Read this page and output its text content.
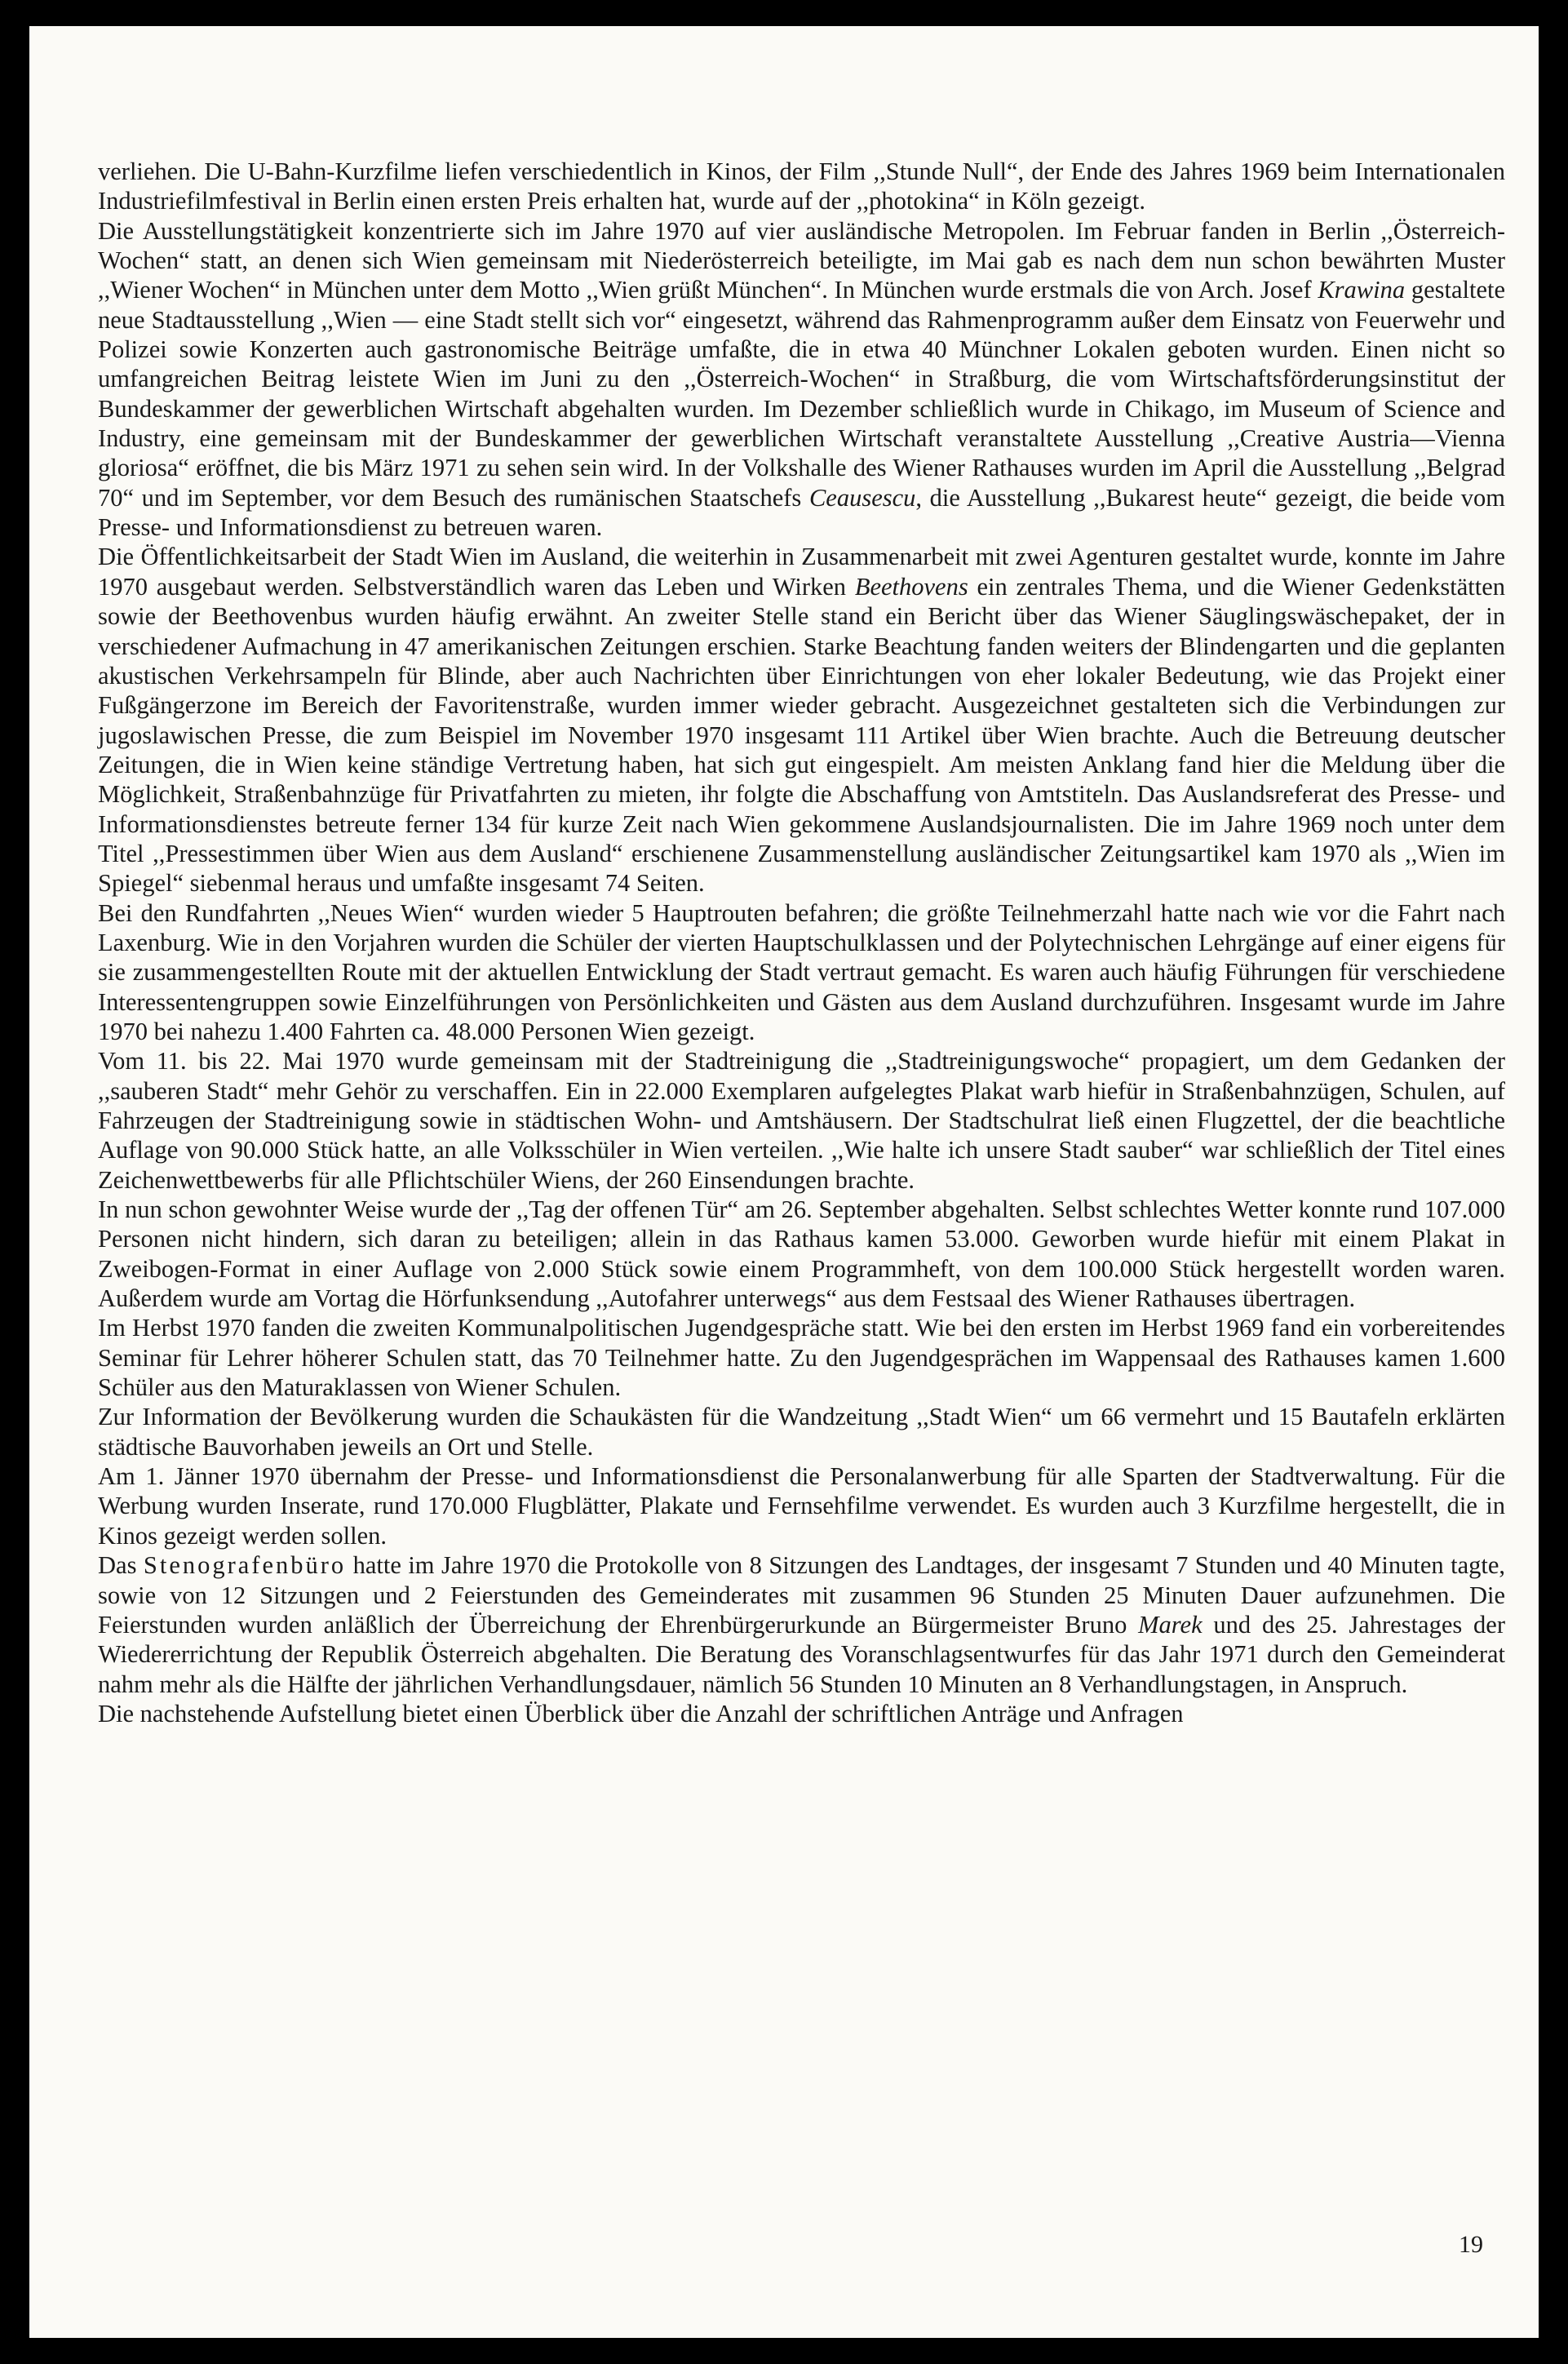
verliehen. Die U-Bahn-Kurzfilme liefen verschiedentlich in Kinos, der Film ,,Stunde Null“, der Ende des Jahres 1969 beim Internationalen Industriefilmfestival in Berlin einen ersten Preis erhalten hat, wurde auf der ,,photokina“ in Köln gezeigt.

Die Ausstellungstätigkeit konzentrierte sich im Jahre 1970 auf vier ausländische Metropolen. Im Februar fanden in Berlin ,,Österreich-Wochen“ statt, an denen sich Wien gemeinsam mit Niederösterreich beteiligte, im Mai gab es nach dem nun schon bewährten Muster ,,Wiener Wochen“ in München unter dem Motto ,,Wien grüßt München“. In München wurde erstmals die von Arch. Josef Krawina gestaltete neue Stadtausstellung ,,Wien — eine Stadt stellt sich vor“ eingesetzt, während das Rahmenprogramm außer dem Einsatz von Feuerwehr und Polizei sowie Konzerten auch gastronomische Beiträge umfaßte, die in etwa 40 Münchner Lokalen geboten wurden. Einen nicht so umfangreichen Beitrag leistete Wien im Juni zu den ,,Österreich-Wochen“ in Straßburg, die vom Wirtschaftsförderungsinstitut der Bundeskammer der gewerblichen Wirtschaft abgehalten wurden. Im Dezember schließlich wurde in Chikago, im Museum of Science and Industry, eine gemeinsam mit der Bundeskammer der gewerblichen Wirtschaft veranstaltete Ausstellung ,,Creative Austria—Vienna gloriosa“ eröffnet, die bis März 1971 zu sehen sein wird. In der Volkshalle des Wiener Rathauses wurden im April die Ausstellung ,,Belgrad 70“ und im September, vor dem Besuch des rumänischen Staatschefs Ceausescu, die Ausstellung ,,Bukarest heute“ gezeigt, die beide vom Presse- und Informationsdienst zu betreuen waren.

Die Öffentlichkeitsarbeit der Stadt Wien im Ausland, die weiterhin in Zusammenarbeit mit zwei Agenturen gestaltet wurde, konnte im Jahre 1970 ausgebaut werden. Selbstverständlich waren das Leben und Wirken Beethovens ein zentrales Thema, und die Wiener Gedenkstätten sowie der Beethovenbus wurden häufig erwähnt. An zweiter Stelle stand ein Bericht über das Wiener Säuglingswäschepaket, der in verschiedener Aufmachung in 47 amerikanischen Zeitungen erschien. Starke Beachtung fanden weiters der Blindengarten und die geplanten akustischen Verkehrsampeln für Blinde, aber auch Nachrichten über Einrichtungen von eher lokaler Bedeutung, wie das Projekt einer Fußgängerzone im Bereich der Favoritenstraße, wurden immer wieder gebracht. Ausgezeichnet gestalteten sich die Verbindungen zur jugoslawischen Presse, die zum Beispiel im November 1970 insgesamt 111 Artikel über Wien brachte. Auch die Betreuung deutscher Zeitungen, die in Wien keine ständige Vertretung haben, hat sich gut eingespielt. Am meisten Anklang fand hier die Meldung über die Möglichkeit, Straßenbahnzüge für Privatfahrten zu mieten, ihr folgte die Abschaffung von Amtstiteln. Das Auslandsreferat des Presse- und Informationsdienstes betreute ferner 134 für kurze Zeit nach Wien gekommene Auslandsjournalisten. Die im Jahre 1969 noch unter dem Titel ,,Pressestimmen über Wien aus dem Ausland“ erschienene Zusammenstellung ausländischer Zeitungsartikel kam 1970 als ,,Wien im Spiegel“ siebenmal heraus und umfaßte insgesamt 74 Seiten.

Bei den Rundfahrten ,,Neues Wien“ wurden wieder 5 Hauptrouten befahren; die größte Teilnehmerzahl hatte nach wie vor die Fahrt nach Laxenburg. Wie in den Vorjahren wurden die Schüler der vierten Hauptschulklassen und der Polytechnischen Lehrgänge auf einer eigens für sie zusammengestellten Route mit der aktuellen Entwicklung der Stadt vertraut gemacht. Es waren auch häufig Führungen für verschiedene Interessentengruppen sowie Einzelführungen von Persönlichkeiten und Gästen aus dem Ausland durchzuführen. Insgesamt wurde im Jahre 1970 bei nahezu 1.400 Fahrten ca. 48.000 Personen Wien gezeigt.

Vom 11. bis 22. Mai 1970 wurde gemeinsam mit der Stadtreinigung die ,,Stadtreinigungswoche“ propagiert, um dem Gedanken der ,,sauberen Stadt“ mehr Gehör zu verschaffen. Ein in 22.000 Exemplaren aufgelegtes Plakat warb hiefür in Straßenbahnzügen, Schulen, auf Fahrzeugen der Stadtreinigung sowie in städtischen Wohn- und Amtshäusern. Der Stadtschulrat ließ einen Flugzettel, der die beachtliche Auflage von 90.000 Stück hatte, an alle Volksschüler in Wien verteilen. ,,Wie halte ich unsere Stadt sauber“ war schließlich der Titel eines Zeichenwettbewerbs für alle Pflichtschüler Wiens, der 260 Einsendungen brachte.

In nun schon gewohnter Weise wurde der ,,Tag der offenen Tür“ am 26. September abgehalten. Selbst schlechtes Wetter konnte rund 107.000 Personen nicht hindern, sich daran zu beteiligen; allein in das Rathaus kamen 53.000. Geworben wurde hiefür mit einem Plakat in Zweibogen-Format in einer Auflage von 2.000 Stück sowie einem Programmheft, von dem 100.000 Stück hergestellt worden waren. Außerdem wurde am Vortag die Hörfunksendung ,,Autofahrer unterwegs“ aus dem Festsaal des Wiener Rathauses übertragen.

Im Herbst 1970 fanden die zweiten Kommunalpolitischen Jugendgespräche statt. Wie bei den ersten im Herbst 1969 fand ein vorbereitendes Seminar für Lehrer höherer Schulen statt, das 70 Teilnehmer hatte. Zu den Jugendgesprächen im Wappensaal des Rathauses kamen 1.600 Schüler aus den Maturaklassen von Wiener Schulen.

Zur Information der Bevölkerung wurden die Schaukästen für die Wandzeitung ,,Stadt Wien“ um 66 vermehrt und 15 Bautafeln erklärten städtische Bauvorhaben jeweils an Ort und Stelle.

Am 1. Jänner 1970 übernahm der Presse- und Informationsdienst die Personalanwerbung für alle Sparten der Stadtverwaltung. Für die Werbung wurden Inserate, rund 170.000 Flugblätter, Plakate und Fernsehfilme verwendet. Es wurden auch 3 Kurzfilme hergestellt, die in Kinos gezeigt werden sollen.

Das Stenografenbüro hatte im Jahre 1970 die Protokolle von 8 Sitzungen des Landtages, der insgesamt 7 Stunden und 40 Minuten tagte, sowie von 12 Sitzungen und 2 Feierstunden des Gemeinderates mit zusammen 96 Stunden 25 Minuten Dauer aufzunehmen. Die Feierstunden wurden anläßlich der Überreichung der Ehrenbürgerurkunde an Bürgermeister Bruno Marek und des 25. Jahrestages der Wiedererrichtung der Republik Österreich abgehalten. Die Beratung des Voranschlagsentwurfes für das Jahr 1971 durch den Gemeinderat nahm mehr als die Hälfte der jährlichen Verhandlungsdauer, nämlich 56 Stunden 10 Minuten an 8 Verhandlungstagen, in Anspruch.

Die nachstehende Aufstellung bietet einen Überblick über die Anzahl der schriftlichen Anträge und Anfragen

19
